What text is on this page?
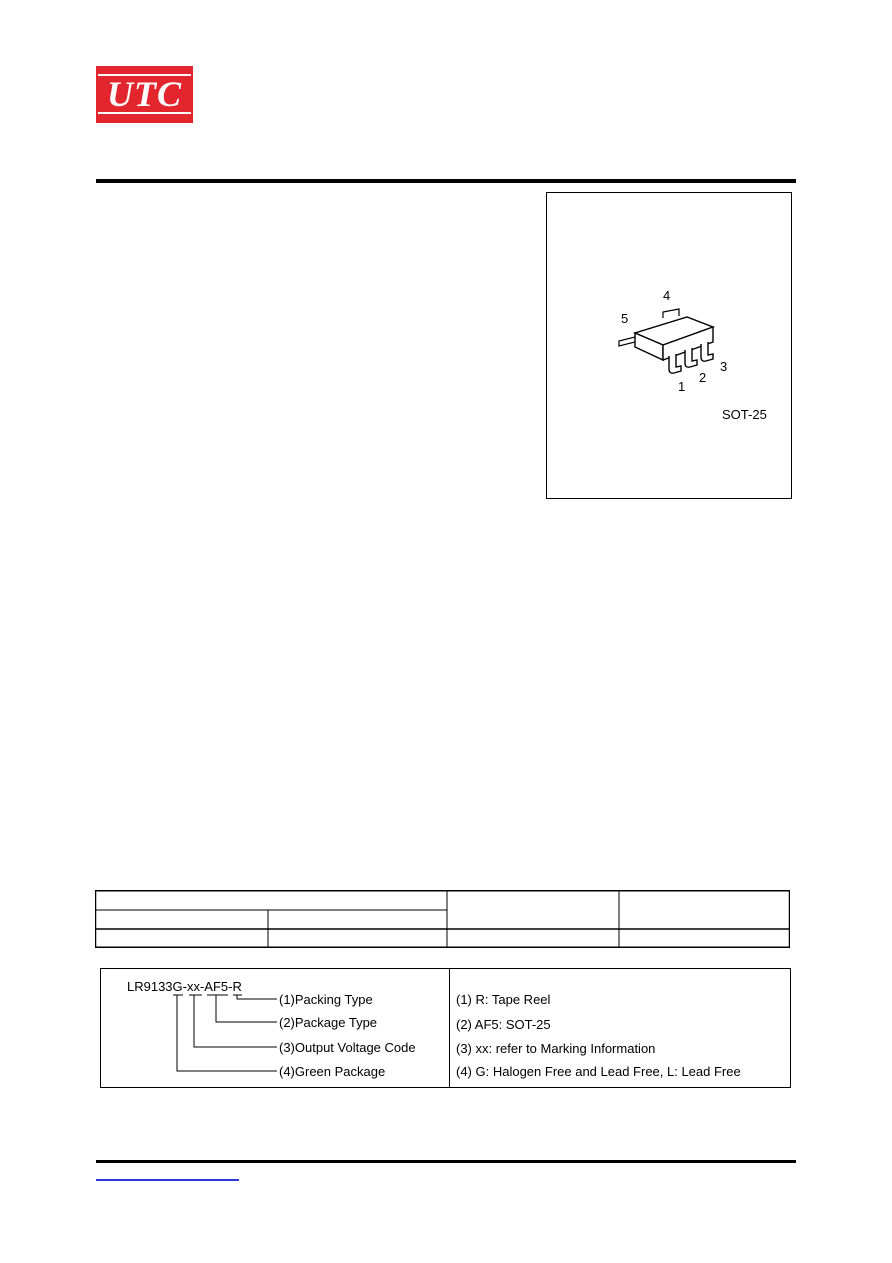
UTC
4
5
1
2
3
SOT-25
LR9133G-xx-AF5-R
(1)Packing Type
(2)Package Type
(3)Output Voltage Code
(4)Green Package
(1) R: Tape Reel
(2) AF5: SOT-25
(3) xx: refer to Marking Information
(4) G: Halogen Free and Lead Free, L: Lead Free
